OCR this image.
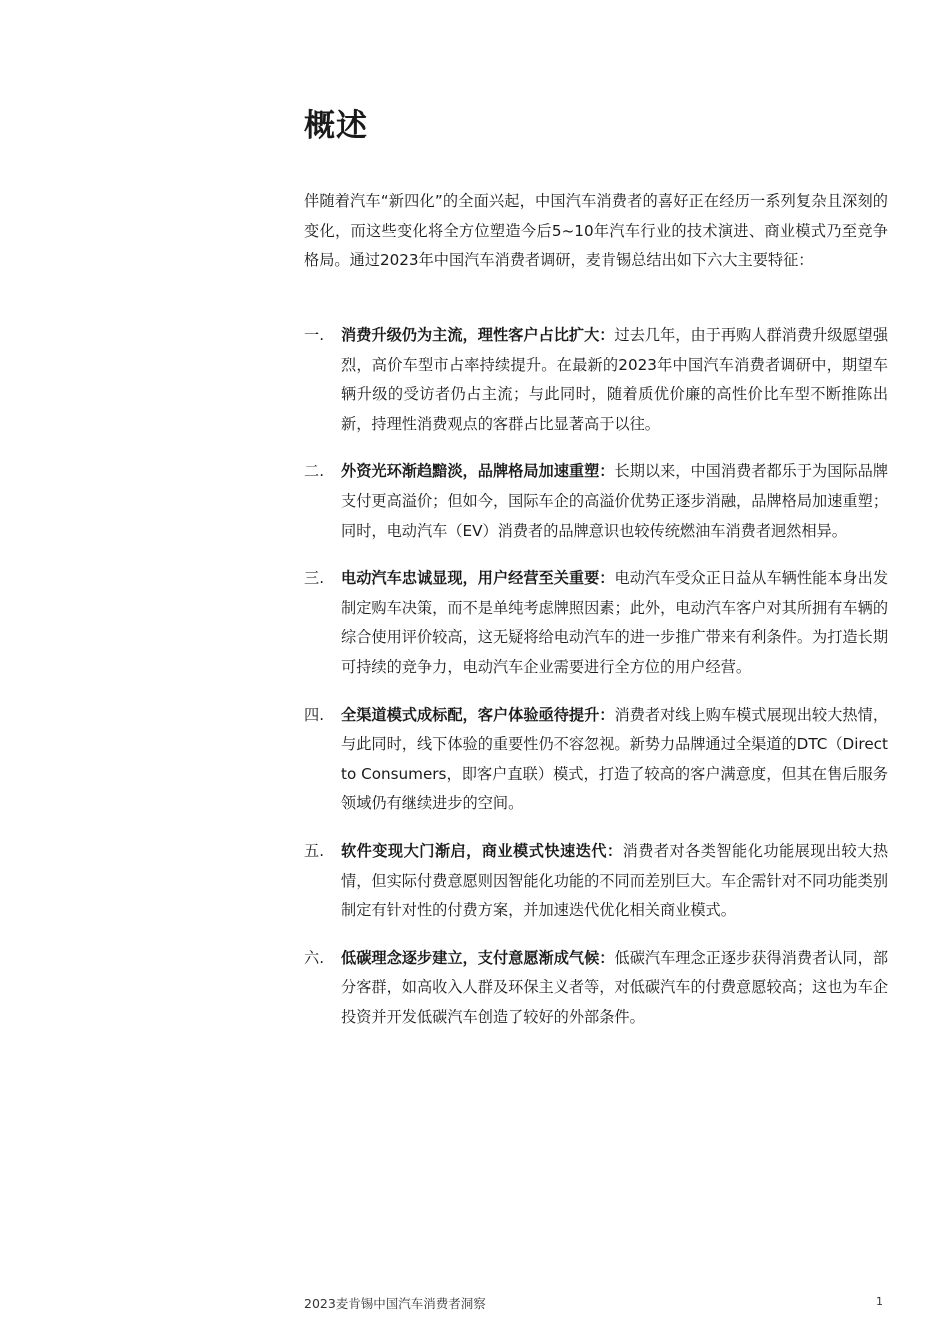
概述

伴随着汽车“新四化”的全面兴起，中国汽车消费者的喜好正在经历一系列复杂且深刻的变化，而这些变化将全方位塑造今后5~10年汽车行业的技术演进、商业模式乃至竞争格局。通过2023年中国汽车消费者调研，麦肯锡总结出如下六大主要特征：

一.	消费升级仍为主流，理性客户占比扩大：过去几年，由于再购人群消费升级愿望强烈，高价车型市占率持续提升。在最新的2023年中国汽车消费者调研中，期望车辆升级的受访者仍占主流；与此同时，随着质优价廉的高性价比车型不断推陈出新，持理性消费观点的客群占比显著高于以往。
二.	外资光环渐趋黯淡，品牌格局加速重塑：长期以来，中国消费者都乐于为国际品牌支付更高溢价；但如今，国际车企的高溢价优势正逐步消融，品牌格局加速重塑；同时，电动汽车（EV）消费者的品牌意识也较传统燃油车消费者迥然相异。
三.	电动汽车忠诚显现，用户经营至关重要：电动汽车受众正日益从车辆性能本身出发制定购车决策，而不是单纯考虑牌照因素；此外，电动汽车客户对其所拥有车辆的综合使用评价较高，这无疑将给电动汽车的进一步推广带来有利条件。为打造长期可持续的竞争力，电动汽车企业需要进行全方位的用户经营。
四.	全渠道模式成标配，客户体验亟待提升：消费者对线上购车模式展现出较大热情，与此同时，线下体验的重要性仍不容忽视。新势力品牌通过全渠道的DTC（Direct to Consumers，即客户直联）模式，打造了较高的客户满意度，但其在售后服务领域仍有继续进步的空间。
五.	软件变现大门渐启，商业模式快速迭代：消费者对各类智能化功能展现出较大热情，但实际付费意愿则因智能化功能的不同而差别巨大。车企需针对不同功能类别制定有针对性的付费方案，并加速迭代优化相关商业模式。
六.	低碳理念逐步建立，支付意愿渐成气候：低碳汽车理念正逐步获得消费者认同，部分客群，如高收入人群及环保主义者等，对低碳汽车的付费意愿较高；这也为车企投资并开发低碳汽车创造了较好的外部条件。
2023麦肯锡中国汽车消费者洞察	1
